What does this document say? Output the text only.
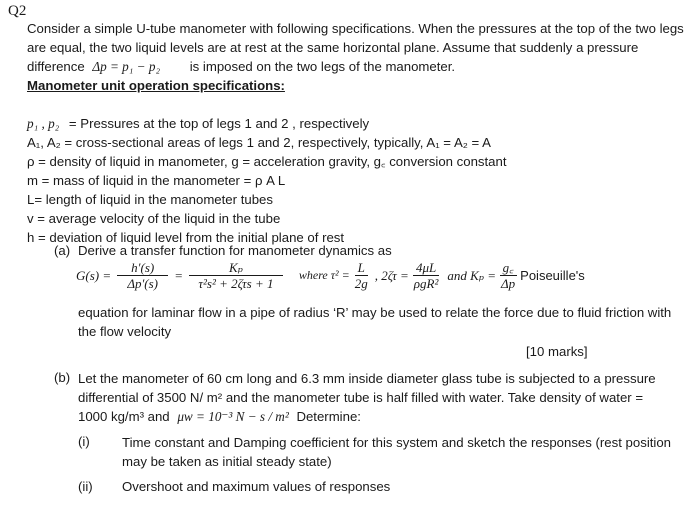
Q2
Consider a simple U-tube manometer with following specifications. When the pressures at the top of the two legs are equal, the two liquid levels are at rest at the same horizontal plane. Assume that suddenly a pressure difference Δp = p₁ − p₂ is imposed on the two legs of the manometer.
Manometer unit operation specifications:
p₁ , p₂ = Pressures at the top of legs 1 and 2 , respectively
A₁, A₂ = cross-sectional areas of legs 1 and 2, respectively, typically, A₁ = A₂ = A
ρ = density of liquid in manometer, g = acceleration gravity, g꜀ conversion constant
m = mass of liquid in the manometer = ρ A L
L= length of liquid in the manometer tubes
v = average velocity of the liquid in the tube
h = deviation of liquid level from the initial plane of rest
(a) Derive a transfer function for manometer dynamics as
$G(s) = \frac{h'(s)}{\Delta p'(s)} = \frac{\text{Kₚ}}{\text{τ²s² + 2ζτs + 1}}$ where $\tau^2 = \frac{L}{2g}$ , $2\zeta\tau = \frac{4\mu L}{\text{ρgR²}}$ and $K_p = \frac{g꜀}{\Delta p}$ Poiseuille's
equation for laminar flow in a pipe of radius ‘R’ may be used to relate the force due to fluid friction with the flow velocity
[10 marks]
(b) Let the manometer of 60 cm long and 6.3 mm inside diameter glass tube is subjected to a pressure differential of 3500 N/ m² and the manometer tube is half filled with water. Take density of water =
1000 kg/m³ and μw = 10⁻³ N − s / m² Determine:
(i) Time constant and Damping coefficient for this system and sketch the responses (rest position may be taken as initial steady state)
(ii) Overshoot and maximum values of responses
